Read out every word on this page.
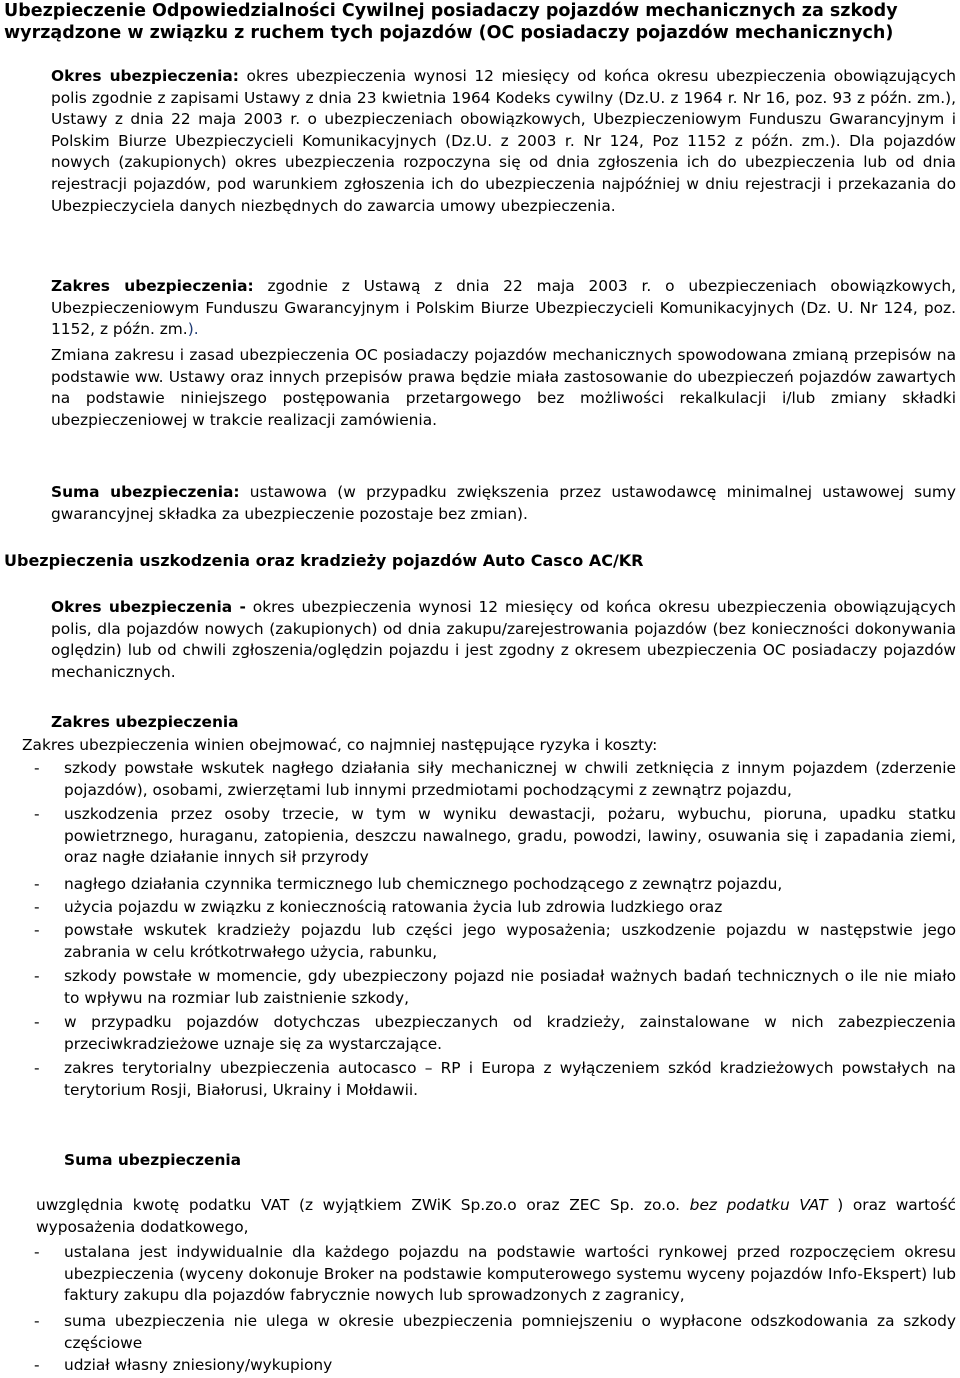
Ubezpieczenie Odpowiedzialności Cywilnej posiadaczy pojazdów mechanicznych za szkody wyrządzone w związku z ruchem tych pojazdów (OC posiadaczy pojazdów mechanicznych)

Okres ubezpieczenia: okres ubezpieczenia wynosi 12 miesięcy od końca okresu ubezpieczenia obowiązujących polis zgodnie z zapisami Ustawy z dnia 23 kwietnia 1964 Kodeks cywilny (Dz.U. z 1964 r. Nr 16, poz. 93 z późn. zm.), Ustawy z dnia 22 maja 2003 r. o ubezpieczeniach obowiązkowych, Ubezpieczeniowym Funduszu Gwarancyjnym i Polskim Biurze Ubezpieczycieli Komunikacyjnych (Dz.U. z 2003 r. Nr 124, Poz 1152 z późn. zm.). Dla pojazdów nowych (zakupionych) okres ubezpieczenia rozpoczyna się od dnia zgłoszenia ich do ubezpieczenia lub od dnia rejestracji pojazdów, pod warunkiem zgłoszenia ich do ubezpieczenia najpóźniej w dniu rejestracji i przekazania do Ubezpieczyciela danych niezbędnych do zawarcia umowy ubezpieczenia.

Zakres ubezpieczenia: zgodnie z Ustawą z dnia 22 maja 2003 r. o ubezpieczeniach obowiązkowych, Ubezpieczeniowym Funduszu Gwarancyjnym i Polskim Biurze Ubezpieczycieli Komunikacyjnych (Dz. U. Nr 124, poz. 1152, z późn. zm.).

Zmiana zakresu i zasad ubezpieczenia OC posiadaczy pojazdów mechanicznych spowodowana zmianą przepisów na podstawie ww. Ustawy oraz innych przepisów prawa będzie miała zastosowanie do ubezpieczeń pojazdów zawartych na podstawie niniejszego postępowania przetargowego bez możliwości rekalkulacji i/lub zmiany składki ubezpieczeniowej w trakcie realizacji zamówienia.

Suma ubezpieczenia: ustawowa (w przypadku zwiększenia przez ustawodawcę minimalnej ustawowej sumy gwarancyjnej składka za ubezpieczenie pozostaje bez zmian).

Ubezpieczenia uszkodzenia oraz kradzieży pojazdów Auto Casco AC/KR

Okres ubezpieczenia - okres ubezpieczenia wynosi 12 miesięcy od końca okresu ubezpieczenia obowiązujących polis, dla pojazdów nowych (zakupionych) od dnia zakupu/zarejestrowania pojazdów (bez konieczności dokonywania oględzin) lub od chwili zgłoszenia/oględzin pojazdu i jest zgodny z okresem ubezpieczenia OC posiadaczy pojazdów mechanicznych.

Zakres ubezpieczenia

Zakres ubezpieczenia winien obejmować, co najmniej następujące ryzyka i koszty:

- szkody powstałe wskutek nagłego działania siły mechanicznej w chwili zetknięcia z innym pojazdem (zderzenie pojazdów), osobami, zwierzętami lub innymi przedmiotami pochodzącymi z zewnątrz pojazdu,
- uszkodzenia przez osoby trzecie, w tym w wyniku dewastacji, pożaru, wybuchu, pioruna, upadku statku powietrznego, huraganu, zatopienia, deszczu nawalnego, gradu, powodzi, lawiny, osuwania się i zapadania ziemi, oraz nagłe działanie innych sił przyrody
- nagłego działania czynnika termicznego lub chemicznego pochodzącego z zewnątrz pojazdu,
- użycia pojazdu w związku z koniecznością ratowania życia lub zdrowia ludzkiego oraz
- powstałe wskutek kradzieży pojazdu lub części jego wyposażenia; uszkodzenie pojazdu w następstwie jego zabrania w celu krótkotrwałego użycia, rabunku,
- szkody powstałe w momencie, gdy ubezpieczony pojazd nie posiadał ważnych badań technicznych o ile nie miało to wpływu na rozmiar lub zaistnienie szkody,
- w przypadku pojazdów dotychczas ubezpieczanych od kradzieży, zainstalowane w nich zabezpieczenia przeciwkradzieżowe uznaje się za wystarczające.
- zakres terytorialny ubezpieczenia autocasco – RP i Europa z wyłączeniem szkód kradzieżowych powstałych na terytorium Rosji, Białorusi, Ukrainy i Mołdawii.

Suma ubezpieczenia

uwzględnia kwotę podatku VAT (z wyjątkiem ZWiK Sp.zo.o oraz ZEC Sp. zo.o. bez podatku VAT ) oraz wartość wyposażenia dodatkowego,

- ustalana jest indywidualnie dla każdego pojazdu na podstawie wartości rynkowej przed rozpoczęciem okresu ubezpieczenia (wyceny dokonuje Broker na podstawie komputerowego systemu wyceny pojazdów Info-Ekspert) lub faktury zakupu dla pojazdów fabrycznie nowych lub sprowadzonych z zagranicy,
- suma ubezpieczenia nie ulega w okresie ubezpieczenia pomniejszeniu o wypłacone odszkodowania za szkody częściowe
- udział własny zniesiony/wykupiony
